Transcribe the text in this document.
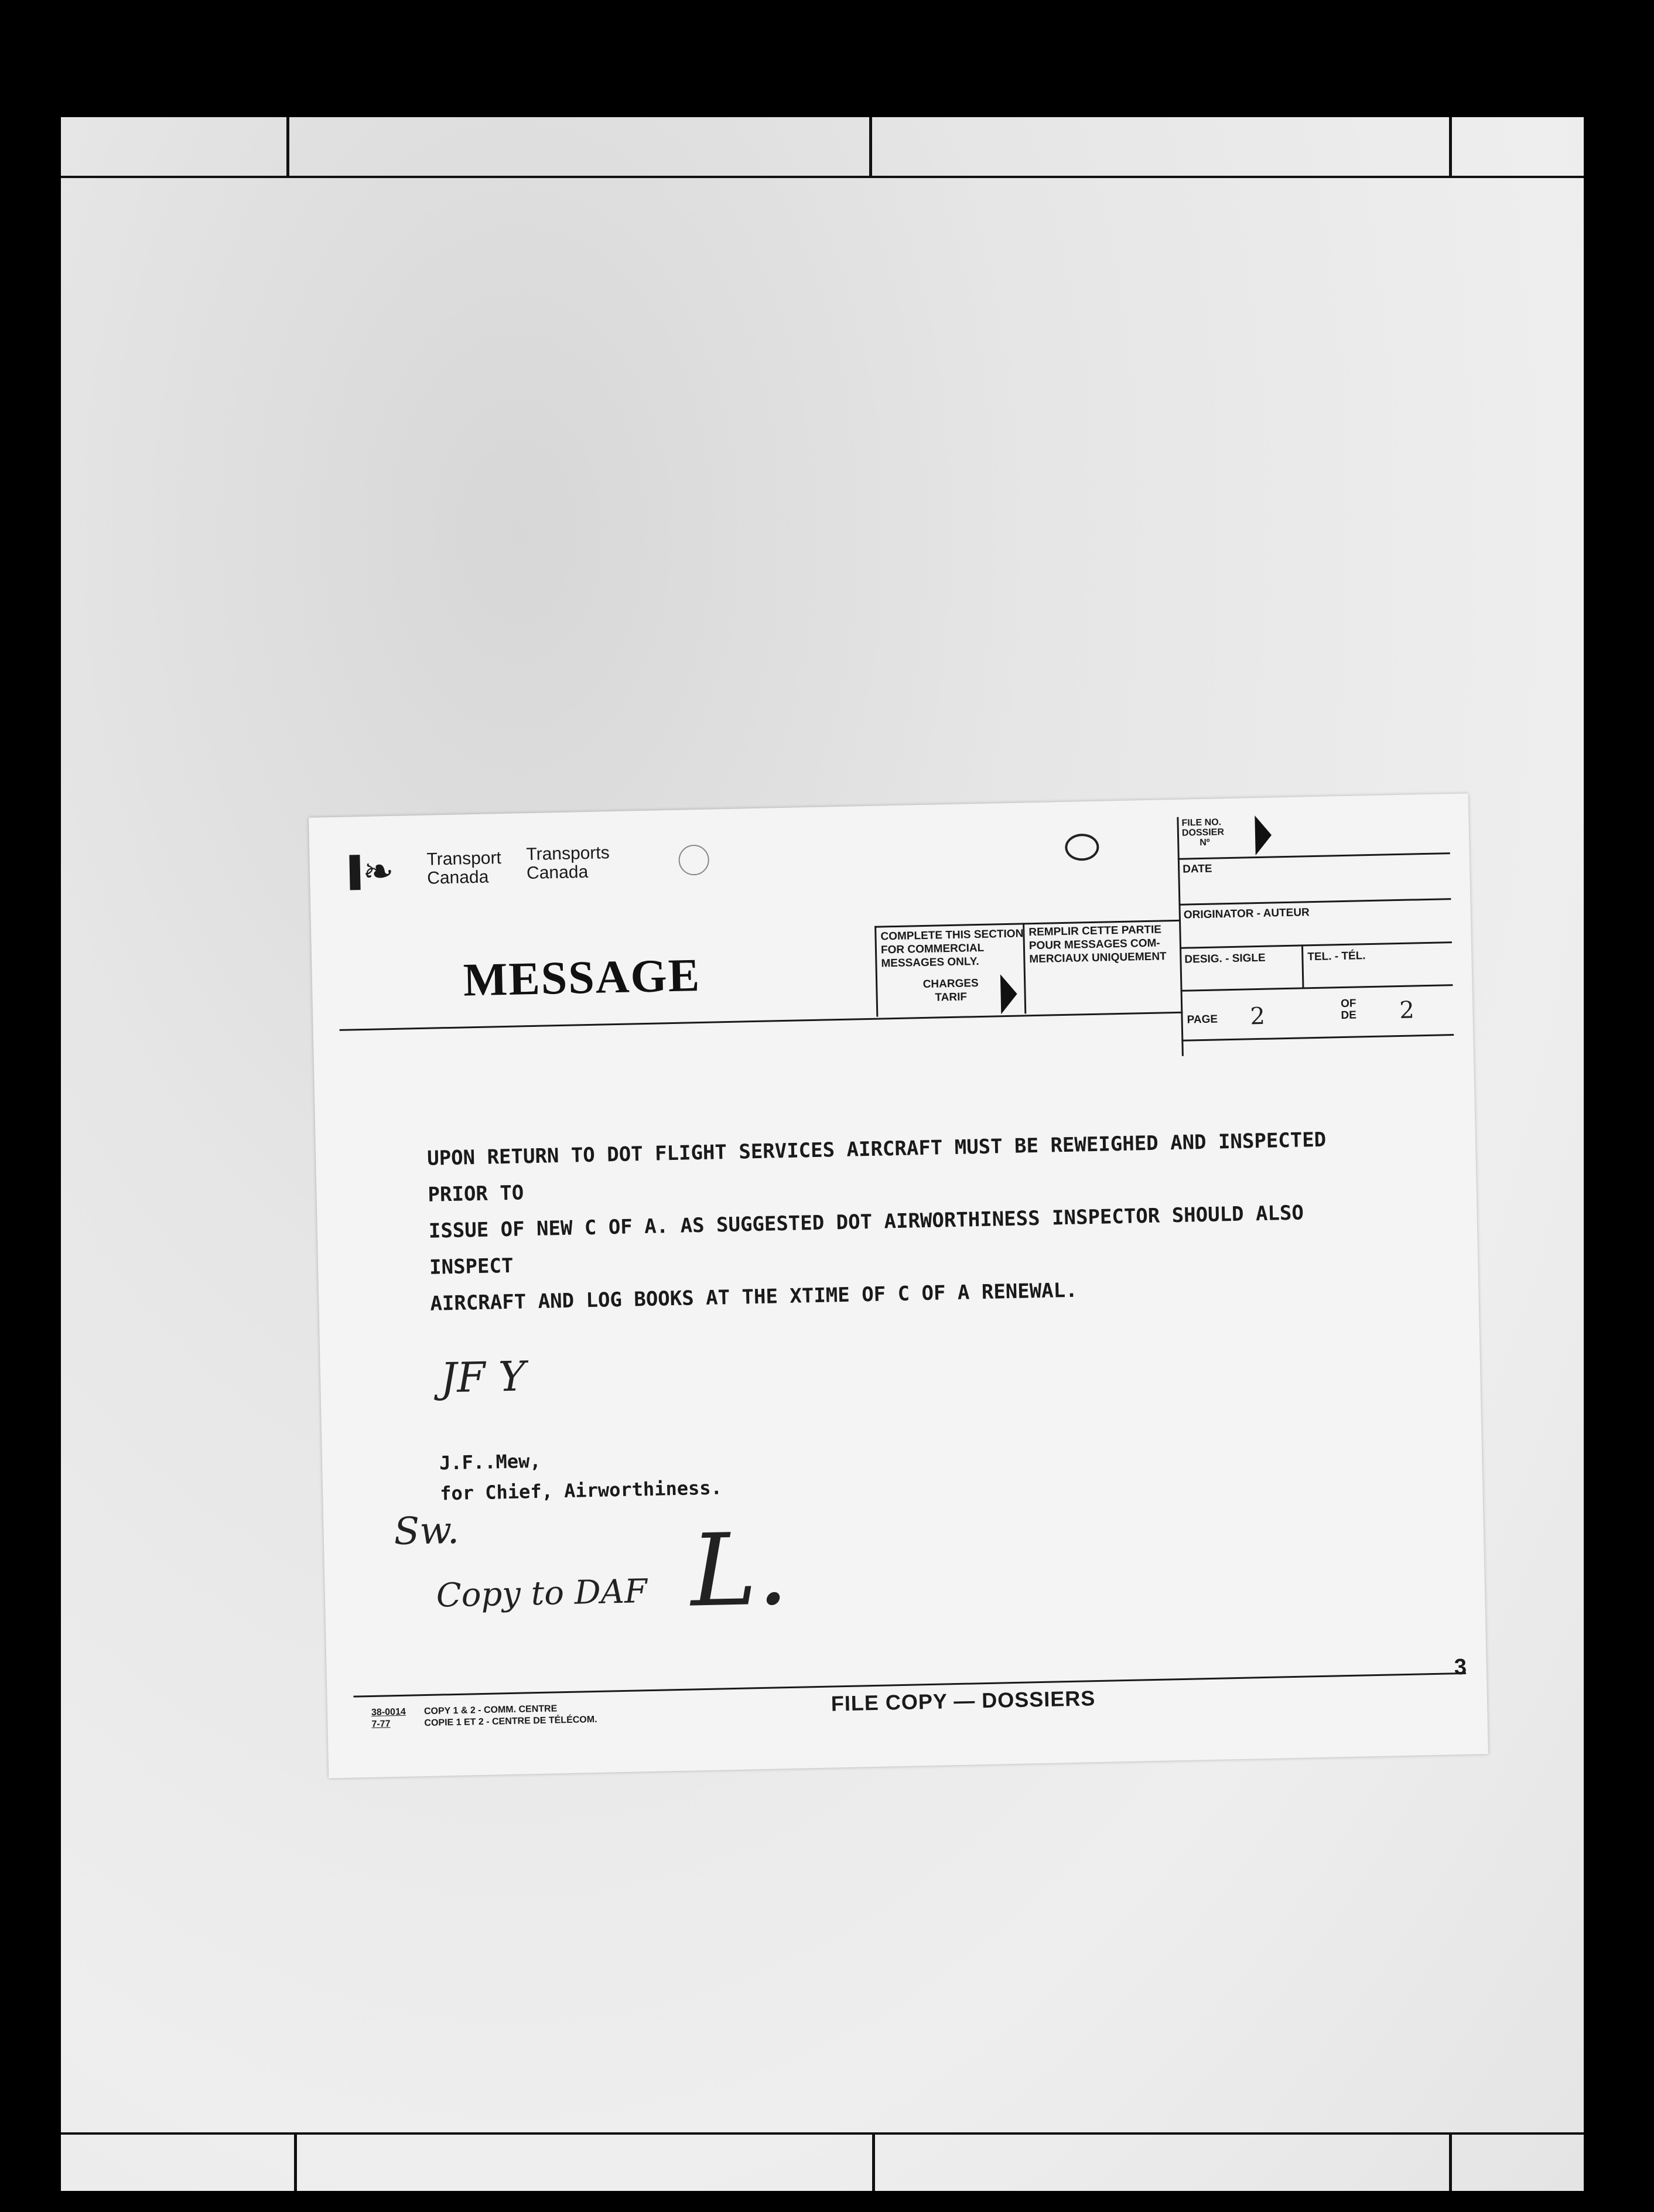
❧ Transport
Canada
Transports
Canada
MESSAGE
COMPLETE THIS SECTION
FOR COMMERCIAL
MESSAGES ONLY.
REMPLIR CETTE PARTIE
POUR MESSAGES COM-
MERCIAUX UNIQUEMENT
CHARGES
TARIF
FILE NO.
DOSSIER
Nº
DATE
ORIGINATOR - AUTEUR
DESIG. - SIGLE	TEL. - TÉL.
PAGE 2	OF
DE 2
UPON RETURN TO DOT FLIGHT SERVICES AIRCRAFT MUST BE REWEIGHED AND INSPECTED PRIOR TO
ISSUE OF NEW C OF A. AS SUGGESTED DOT AIRWORTHINESS INSPECTOR SHOULD ALSO INSPECT
AIRCRAFT AND LOG BOOKS AT THE XTIME OF C OF A RENEWAL.
JF Y
J.F..Mew,
for Chief, Airworthiness.
Sw.
Copy to DAF L.
38-0014
7-77
COPY 1 & 2 - COMM. CENTRE
COPIE 1 ET 2 - CENTRE DE TÉLÉCOM.
FILE COPY — DOSSIERS
3
